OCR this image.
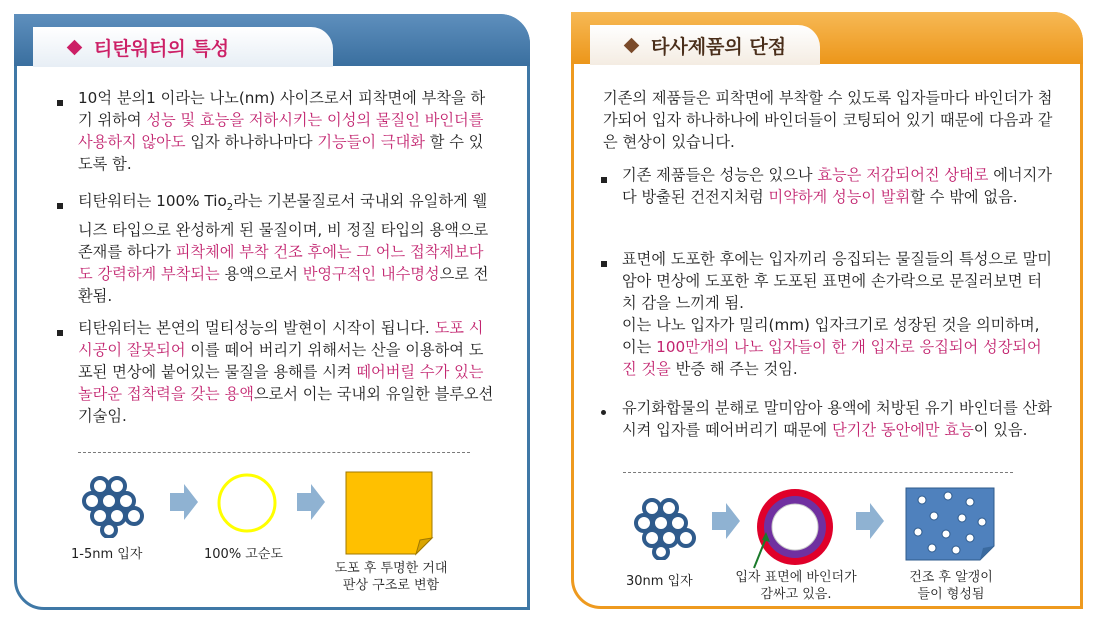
티탄워터의 특성
10억 분의1 이라는 나노(nm) 사이즈로서 피착면에 부착을 하기 위하여 성능 및 효능을 저하시키는 이성의 물질인 바인더를 사용하지 않아도 입자 하나하나마다 기능들이 극대화 할 수 있도록 함.
티탄워터는 100% Tio$_2$라는 기본물질로서 국내외 유일하게 웰니즈 타입으로 완성하게 된 물질이며, 비 정질 타입의 용액으로 존재를 하다가 피착체에 부착 건조 후에는 그 어느 접착제보다도 강력하게 부착되는 용액으로서 반영구적인 내수명성으로 전환됨.
티탄워터는 본연의 멀티성능의 발현이 시작이 됩니다. 도포 시 시공이 잘못되어 이를 떼어 버리기 위해서는 산을 이용하여 도포된 면상에 붙어있는 물질을 용해를 시켜 떼어버릴 수가 있는 놀라운 접착력을 갖는 용액으로서 이는 국내외 유일한 블루오션 기술임.
1-5nm 입자	100% 고순도
도포 후 투명한 거대
판상 구조로 변함
타사제품의 단점
기존의 제품들은 피착면에 부착할 수 있도록 입자들마다 바인더가 첨가되어 입자 하나하나에 바인더들이 코팅되어 있기 때문에 다음과 같은 현상이 있습니다.
기존 제품들은 성능은 있으나 효능은 저감되어진 상태로 에너지가 다 방출된 건전지처럼 미약하게 성능이 발휘할 수 밖에 없음.
표면에 도포한 후에는 입자끼리 응집되는 물질들의 특성으로 말미암아 면상에 도포한 후 도포된 표면에 손가락으로 문질러보면 터치 감을 느끼게 됨.
이는 나노 입자가 밀리(mm) 입자크기로 성장된 것을 의미하며, 이는 100만개의 나노 입자들이 한 개 입자로 응집되어 성장되어진 것을 반증 해 주는 것임.
유기화합물의 분해로 말미암아 용액에 처방된 유기 바인더를 산화시켜 입자를 떼어버리기 때문에 단기간 동안에만 효능이 있음.
30nm 입자	입자 표면에 바인더가
감싸고 있음.
건조 후 알갱이
들이 형성됨
